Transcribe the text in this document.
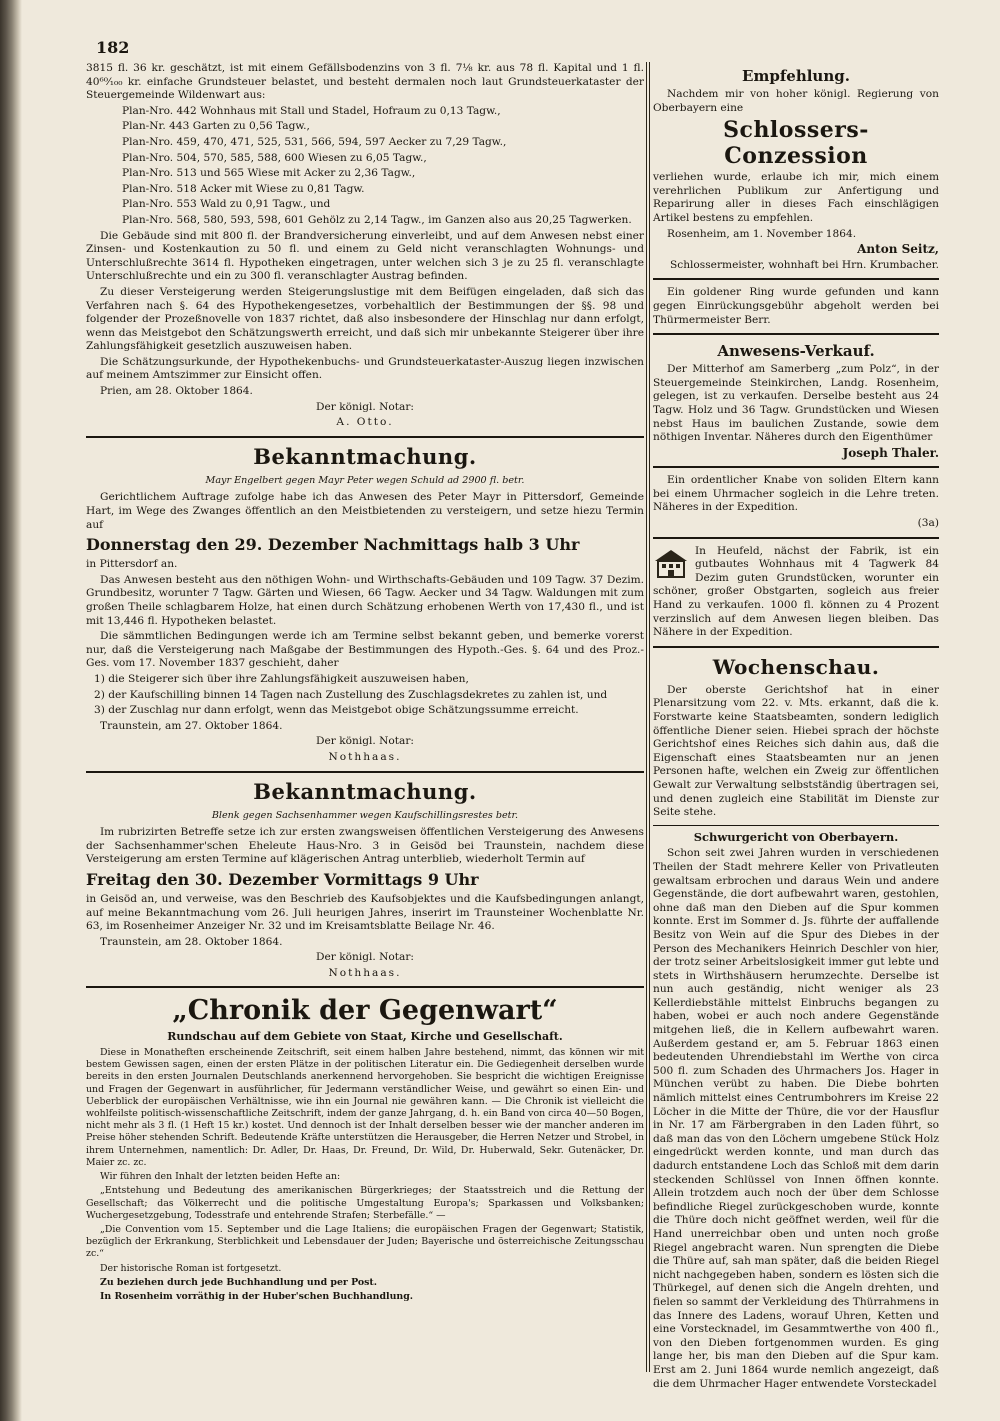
182

3815 fl. 36 kr. geschätzt, ist mit einem Gefällsbodenzins von 3 fl. 7⅛ kr. aus 78 fl. Kapital und 1 fl. 40⁶⁰⁄₁₀₀ kr. einfache Grundsteuer belastet, und besteht dermalen noch laut Grundsteuerkataster der Steuergemeinde Wildenwart aus:

Plan-Nro. 442 Wohnhaus mit Stall und Stadel, Hofraum zu 0,13 Tagw.,

Plan-Nr. 443 Garten zu 0,56 Tagw.,

Plan-Nro. 459, 470, 471, 525, 531, 566, 594, 597 Aecker zu 7,29 Tagw.,

Plan-Nro. 504, 570, 585, 588, 600 Wiesen zu 6,05 Tagw.,

Plan-Nro. 513 und 565 Wiese mit Acker zu 2,36 Tagw.,

Plan-Nro. 518 Acker mit Wiese zu 0,81 Tagw.

Plan-Nro. 553 Wald zu 0,91 Tagw., und

Plan-Nro. 568, 580, 593, 598, 601 Gehölz zu 2,14 Tagw., im Ganzen also aus 20,25 Tagwerken.

Die Gebäude sind mit 800 fl. der Brandversicherung einverleibt, und auf dem Anwesen nebst einer Zinsen- und Kostenkaution zu 50 fl. und einem zu Geld nicht veranschlagten Wohnungs- und Unterschlußrechte 3614 fl. Hypotheken eingetragen, unter welchen sich 3 je zu 25 fl. veranschlagte Unterschlußrechte und ein zu 300 fl. veranschlagter Austrag befinden.

Zu dieser Versteigerung werden Steigerungslustige mit dem Beifügen eingeladen, daß sich das Verfahren nach §. 64 des Hypothekengesetzes, vorbehaltlich der Bestimmungen der §§. 98 und folgender der Prozeßnovelle von 1837 richtet, daß also insbesondere der Hinschlag nur dann erfolgt, wenn das Meistgebot den Schätzungswerth erreicht, und daß sich mir unbekannte Steigerer über ihre Zahlungsfähigkeit gesetzlich auszuweisen haben.

Die Schätzungsurkunde, der Hypothekenbuchs- und Grundsteuerkataster-Auszug liegen inzwischen auf meinem Amtszimmer zur Einsicht offen.

Prien, am 28. Oktober 1864.

Der königl. Notar:

A. Otto.

Bekanntmachung.
Mayr Engelbert gegen Mayr Peter wegen Schuld ad 2900 fl. betr.

Gerichtlichem Auftrage zufolge habe ich das Anwesen des Peter Mayr in Pittersdorf, Gemeinde Hart, im Wege des Zwanges öffentlich an den Meistbietenden zu versteigern, und setze hiezu Termin auf

Donnerstag den 29. Dezember Nachmittags halb 3 Uhr

in Pittersdorf an.

Das Anwesen besteht aus den nöthigen Wohn- und Wirthschafts-Gebäuden und 109 Tagw. 37 Dezim. Grundbesitz, worunter 7 Tagw. Gärten und Wiesen, 66 Tagw. Aecker und 34 Tagw. Waldungen mit zum großen Theile schlagbarem Holze, hat einen durch Schätzung erhobenen Werth von 17,430 fl., und ist mit 13,446 fl. Hypotheken belastet.

Die sämmtlichen Bedingungen werde ich am Termine selbst bekannt geben, und bemerke vorerst nur, daß die Versteigerung nach Maßgabe der Bestimmungen des Hypoth.-Ges. §. 64 und des Proz.-Ges. vom 17. November 1837 geschieht, daher

1) die Steigerer sich über ihre Zahlungsfähigkeit auszuweisen haben,

2) der Kaufschilling binnen 14 Tagen nach Zustellung des Zuschlagsdekretes zu zahlen ist, und

3) der Zuschlag nur dann erfolgt, wenn das Meistgebot obige Schätzungssumme erreicht.

Traunstein, am 27. Oktober 1864.

Der königl. Notar:

Nothhaas.

Bekanntmachung.
Blenk gegen Sachsenhammer wegen Kaufschillingsrestes betr.

Im rubrizirten Betreffe setze ich zur ersten zwangsweisen öffentlichen Versteigerung des Anwesens der Sachsenhammer'schen Eheleute Haus-Nro. 3 in Geisöd bei Traunstein, nachdem diese Versteigerung am ersten Termine auf klägerischen Antrag unterblieb, wiederholt Termin auf

Freitag den 30. Dezember Vormittags 9 Uhr

in Geisöd an, und verweise, was den Beschrieb des Kaufsobjektes und die Kaufsbedingungen anlangt, auf meine Bekanntmachung vom 26. Juli heurigen Jahres, inserirt im Traunsteiner Wochenblatte Nr. 63, im Rosenheimer Anzeiger Nr. 32 und im Kreisamtsblatte Beilage Nr. 46.

Traunstein, am 28. Oktober 1864.

Der königl. Notar:

Nothhaas.

„Chronik der Gegenwart“
Rundschau auf dem Gebiete von Staat, Kirche und Gesellschaft.

Diese in Monatheften erscheinende Zeitschrift, seit einem halben Jahre bestehend, nimmt, das können wir mit bestem Gewissen sagen, einen der ersten Plätze in der politischen Literatur ein. Die Gediegenheit derselben wurde bereits in den ersten Journalen Deutschlands anerkennend hervorgehoben. Sie bespricht die wichtigen Ereignisse und Fragen der Gegenwart in ausführlicher, für Jedermann verständlicher Weise, und gewährt so einen Ein- und Ueberblick der europäischen Verhältnisse, wie ihn ein Journal nie gewähren kann. — Die Chronik ist vielleicht die wohlfeilste politisch-wissenschaftliche Zeitschrift, indem der ganze Jahrgang, d. h. ein Band von circa 40—50 Bogen, nicht mehr als 3 fl. (1 Heft 15 kr.) kostet. Und dennoch ist der Inhalt derselben besser wie der mancher anderen im Preise höher stehenden Schrift. Bedeutende Kräfte unterstützen die Herausgeber, die Herren Netzer und Strobel, in ihrem Unternehmen, namentlich: Dr. Adler, Dr. Haas, Dr. Freund, Dr. Wild, Dr. Huberwald, Sekr. Gutenäcker, Dr. Maier zc. zc.

Wir führen den Inhalt der letzten beiden Hefte an:

„Entstehung und Bedeutung des amerikanischen Bürgerkrieges; der Staatsstreich und die Rettung der Gesellschaft; das Völkerrecht und die politische Umgestaltung Europa's; Sparkassen und Volksbanken; Wuchergesetzgebung, Todesstrafe und entehrende Strafen; Sterbefälle.“ —

„Die Convention vom 15. September und die Lage Italiens; die europäischen Fragen der Gegenwart; Statistik, bezüglich der Erkrankung, Sterblichkeit und Lebensdauer der Juden; Bayerische und österreichische Zeitungsschau zc.“

Der historische Roman ist fortgesetzt.

Zu beziehen durch jede Buchhandlung und per Post.

In Rosenheim vorräthig in der Huber'schen Buchhandlung.

Empfehlung.

Nachdem mir von hoher königl. Regierung von Oberbayern eine

Schlossers-Conzession

verliehen wurde, erlaube ich mir, mich einem verehrlichen Publikum zur Anfertigung und Reparirung aller in dieses Fach einschlägigen Artikel bestens zu empfehlen.

Rosenheim, am 1. November 1864.

Anton Seitz,

Schlossermeister, wohnhaft bei Hrn. Krumbacher.

Ein goldener Ring wurde gefunden und kann gegen Einrückungsgebühr abgeholt werden bei Thürmermeister Berr.

Anwesens-Verkauf.

Der Mitterhof am Samerberg „zum Polz“, in der Steuergemeinde Steinkirchen, Landg. Rosenheim, gelegen, ist zu verkaufen. Derselbe besteht aus 24 Tagw. Holz und 36 Tagw. Grundstücken und Wiesen nebst Haus im baulichen Zustande, sowie dem nöthigen Inventar. Näheres durch den Eigenthümer

Joseph Thaler.

Ein ordentlicher Knabe von soliden Eltern kann bei einem Uhrmacher sogleich in die Lehre treten. Näheres in der Expedition.

(3a)

In Heufeld, nächst der Fabrik, ist ein gutbautes Wohnhaus mit 4 Tagwerk 84 Dezim guten Grundstücken, worunter ein schöner, großer Obstgarten, sogleich aus freier Hand zu verkaufen. 1000 fl. können zu 4 Prozent verzinslich auf dem Anwesen liegen bleiben. Das Nähere in der Expedition.

Wochenschau.

Der oberste Gerichtshof hat in einer Plenarsitzung vom 22. v. Mts. erkannt, daß die k. Forstwarte keine Staatsbeamten, sondern lediglich öffentliche Diener seien. Hiebei sprach der höchste Gerichtshof eines Reiches sich dahin aus, daß die Eigenschaft eines Staatsbeamten nur an jenen Personen hafte, welchen ein Zweig zur öffentlichen Gewalt zur Verwaltung selbstständig übertragen sei, und denen zugleich eine Stabilität im Dienste zur Seite stehe.

Schwurgericht von Oberbayern.

Schon seit zwei Jahren wurden in verschiedenen Theilen der Stadt mehrere Keller von Privatleuten gewaltsam erbrochen und daraus Wein und andere Gegenstände, die dort aufbewahrt waren, gestohlen, ohne daß man den Dieben auf die Spur kommen konnte. Erst im Sommer d. Js. führte der auffallende Besitz von Wein auf die Spur des Diebes in der Person des Mechanikers Heinrich Deschler von hier, der trotz seiner Arbeitslosigkeit immer gut lebte und stets in Wirthshäusern herumzechte. Derselbe ist nun auch geständig, nicht weniger als 23 Kellerdiebstähle mittelst Einbruchs begangen zu haben, wobei er auch noch andere Gegenstände mitgehen ließ, die in Kellern aufbewahrt waren. Außerdem gestand er, am 5. Februar 1863 einen bedeutenden Uhrendiebstahl im Werthe von circa 500 fl. zum Schaden des Uhrmachers Jos. Hager in München verübt zu haben. Die Diebe bohrten nämlich mittelst eines Centrumbohrers im Kreise 22 Löcher in die Mitte der Thüre, die vor der Hausflur in Nr. 17 am Färbergraben in den Laden führt, so daß man das von den Löchern umgebene Stück Holz eingedrückt werden konnte, und man durch das dadurch entstandene Loch das Schloß mit dem darin steckenden Schlüssel von Innen öffnen konnte. Allein trotzdem auch noch der über dem Schlosse befindliche Riegel zurückgeschoben wurde, konnte die Thüre doch nicht geöffnet werden, weil für die Hand unerreichbar oben und unten noch große Riegel angebracht waren. Nun sprengten die Diebe die Thüre auf, sah man später, daß die beiden Riegel nicht nachgegeben haben, sondern es lösten sich die Thürkegel, auf denen sich die Angeln drehten, und fielen so sammt der Verkleidung des Thürrahmens in das Innere des Ladens, worauf Uhren, Ketten und eine Vorstecknadel, im Gesammtwerthe von 400 fl., von den Dieben fortgenommen wurden. Es ging lange her, bis man den Dieben auf die Spur kam. Erst am 2. Juni 1864 wurde nemlich angezeigt, daß die dem Uhrmacher Hager entwendete Vorsteckadel
